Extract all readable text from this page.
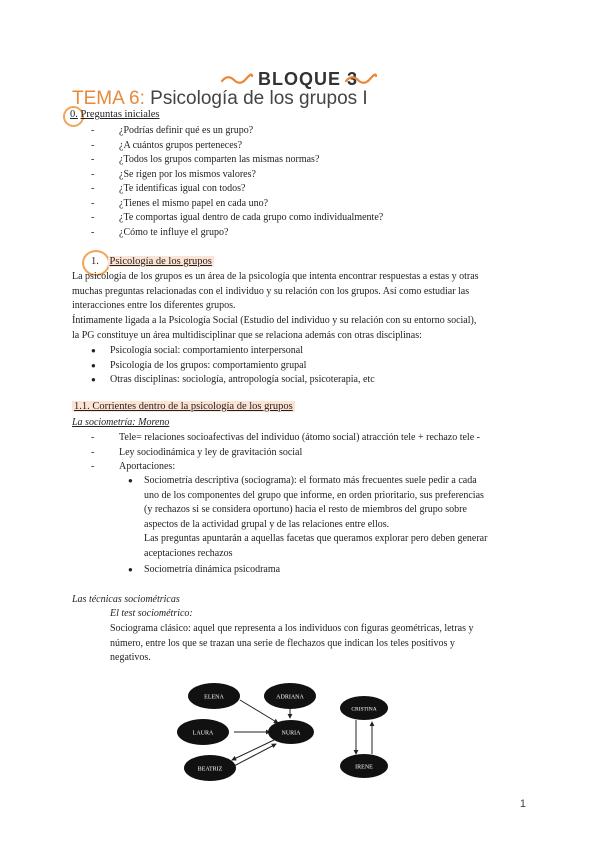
BLOQUE 3
TEMA 6: Psicología de los grupos I
0. Preguntas iniciales
- ¿Podrías definir qué es un grupo?
- ¿A cuántos grupos perteneces?
- ¿Todos los grupos comparten las mismas normas?
- ¿Se rigen por los mismos valores?
- ¿Te identificas igual con todos?
- ¿Tienes el mismo papel en cada uno?
- ¿Te comportas igual dentro de cada grupo como individualmente?
- ¿Cómo te influye el grupo?
1. Psicología de los grupos
La psicología de los grupos es un área de la psicología que intenta encontrar respuestas a estas y otras
muchas preguntas relacionadas con el individuo y su relación con los grupos. Así como estudiar las
interacciones entre los diferentes grupos.
Íntimamente ligada a la Psicología Social (Estudio del individuo y su relación con su entorno social),
la PG constituye un área multidisciplinar que se relaciona además con otras disciplinas:
● Psicología social: comportamiento interpersonal
● Psicología de los grupos: comportamiento grupal
● Otras disciplinas: sociología, antropología social, psicoterapia, etc
1.1. Corrientes dentro de la psicología de los grupos
La sociometría: Moreno
- Tele= relaciones socioafectivas del individuo (átomo social) atracción tele + rechazo tele -
- Ley sociodinámica y ley de gravitación social
- Aportaciones:
● Sociometría descriptiva (sociograma): el formato más frecuentes suele pedir a cada
uno de los componentes del grupo que informe, en orden prioritario, sus preferencias
(y rechazos si se considera oportuno) hacia el resto de miembros del grupo sobre
aspectos de la actividad grupal y de las relaciones entre ellos.
Las preguntas apuntarán a aquellas facetas que queramos explorar pero deben generar
aceptaciones rechazos
●	Sociometría dinámica psicodrama
Las técnicas sociométricas
El test sociométrico:
Sociograma clásico: aquel que representa a los individuos con figuras geométricas, letras y
número, entre los que se trazan una serie de flechazos que indican los teles positivos y
negativos.
ELENA	ADRIANA
LAURA	NURIA
BEATRIZ
CRISTINA
IRENE
1
